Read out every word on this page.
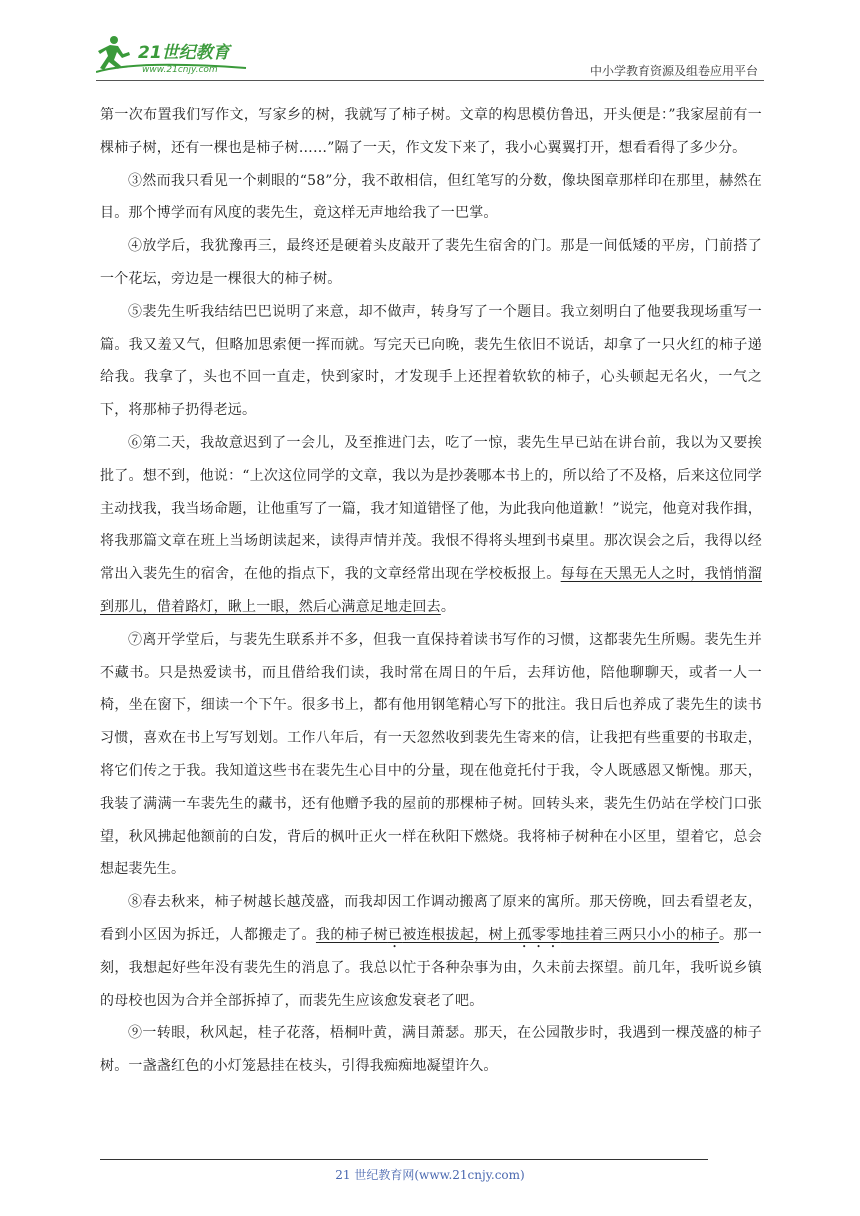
21世纪教育
www.21cnjy.com	中小学教育资源及组卷应用平台

第一次布置我们写作文，写家乡的树，我就写了柿子树。文章的构思模仿鲁迅，开头便是：”我家屋前有一棵柿子树，还有一棵也是柿子树……”隔了一天，作文发下来了，我小心翼翼打开，想看看得了多少分。

③然而我只看见一个刺眼的“58”分，我不敢相信，但红笔写的分数，像块图章那样印在那里，赫然在目。那个博学而有风度的裴先生，竟这样无声地给我了一巴掌。

④放学后，我犹豫再三，最终还是硬着头皮敲开了裴先生宿舍的门。那是一间低矮的平房，门前搭了一个花坛，旁边是一棵很大的柿子树。

⑤裴先生听我结结巴巴说明了来意，却不做声，转身写了一个题目。我立刻明白了他要我现场重写一篇。我又羞又气，但略加思索便一挥而就。写完天已向晚，裴先生依旧不说话，却拿了一只火红的柿子递给我。我拿了，头也不回一直走，快到家时，才发现手上还捏着软软的柿子，心头顿起无名火，一气之下，将那柿子扔得老远。

⑥第二天，我故意迟到了一会儿，及至推进门去，吃了一惊，裴先生早已站在讲台前，我以为又要挨批了。想不到，他说：“上次这位同学的文章，我以为是抄袭哪本书上的，所以给了不及格，后来这位同学主动找我，我当场命题，让他重写了一篇，我才知道错怪了他，为此我向他道歉！”说完，他竟对我作揖，将我那篇文章在班上当场朗读起来，读得声情并茂。我恨不得将头埋到书桌里。那次误会之后，我得以经常出入裴先生的宿舍，在他的指点下，我的文章经常出现在学校板报上。每每在天黑无人之时，我悄悄溜到那儿，借着路灯，瞅上一眼，然后心满意足地走回去。

⑦离开学堂后，与裴先生联系并不多，但我一直保持着读书写作的习惯，这都裴先生所赐。裴先生并不藏书。只是热爱读书，而且借给我们读，我时常在周日的午后，去拜访他，陪他聊聊天，或者一人一椅，坐在窗下，细读一个下午。很多书上，都有他用钢笔精心写下的批注。我日后也养成了裴先生的读书习惯，喜欢在书上写写划划。工作八年后，有一天忽然收到裴先生寄来的信，让我把有些重要的书取走，将它们传之于我。我知道这些书在裴先生心目中的分量，现在他竟托付于我，令人既感恩又惭愧。那天，我装了满满一车裴先生的藏书，还有他赠予我的屋前的那棵柿子树。回转头来，裴先生仍站在学校门口张望，秋风拂起他额前的白发，背后的枫叶正火一样在秋阳下燃烧。我将柿子树种在小区里，望着它，总会想起裴先生。

⑧春去秋来，柿子树越长越茂盛，而我却因工作调动搬离了原来的寓所。那天傍晚，回去看望老友，看到小区因为拆迁，人都搬走了。我的柿子树已被连根拔起，树上孤零零地挂着三两只小小的柿子。那一刻，我想起好些年没有裴先生的消息了。我总以忙于各种杂事为由，久未前去探望。前几年，我听说乡镇的母校也因为合并全部拆掉了，而裴先生应该愈发衰老了吧。

⑨一转眼，秋风起，桂子花落，梧桐叶黄，满目萧瑟。那天，在公园散步时，我遇到一棵茂盛的柿子树。一盏盏红色的小灯笼悬挂在枝头，引得我痴痴地凝望许久。

21 世纪教育网(www.21cnjy.com)
